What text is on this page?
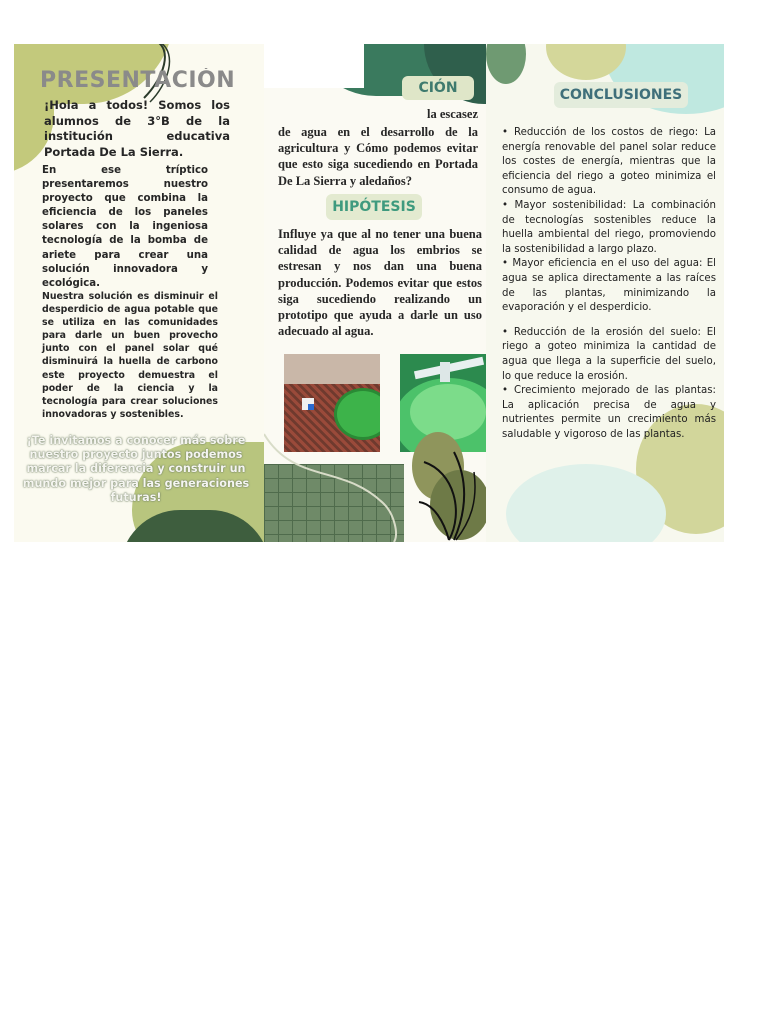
PRESENTACIÓN

¡Hola a todos! Somos los alumnos de 3°B de la institución educativa Portada De La Sierra.

En ese tríptico presentaremos nuestro proyecto que combina la eficiencia de los paneles solares con la ingeniosa tecnología de la bomba de ariete para crear una solución innovadora y ecológica.

Nuestra solución es disminuir el desperdicio de agua potable que se utiliza en las comunidades para darle un buen provecho junto con el panel solar qué disminuirá la huella de carbono este proyecto demuestra el poder de la ciencia y la tecnología para crear soluciones innovadoras y sostenibles.

¡Te invitamos a conocer más sobre nuestro proyecto juntos podemos marcar la diferencia y construir un mundo mejor para las generaciones futuras!

CIÓN
la escasez

de agua en el desarrollo de la agricultura y Cómo podemos evitar que esto siga sucediendo en Portada De La Sierra y aledaños?

HIPÓTESIS

Influye ya que al no tener una buena calidad de agua los embrios se estresan y nos dan una buena producción. Podemos evitar que estos siga sucediendo realizando un prototipo que ayuda a darle un uso adecuado al agua.

CONCLUSIONES

• Reducción de los costos de riego: La energía renovable del panel solar reduce los costes de energía, mientras que la eficiencia del riego a goteo minimiza el consumo de agua.

• Mayor sostenibilidad: La combinación de tecnologías sostenibles reduce la huella ambiental del riego, promoviendo la sostenibilidad a largo plazo.

• Mayor eficiencia en el uso del agua: El agua se aplica directamente a las raíces de las plantas, minimizando la evaporación y el desperdicio.

• Reducción de la erosión del suelo: El riego a goteo minimiza la cantidad de agua que llega a la superficie del suelo, lo que reduce la erosión.

• Crecimiento mejorado de las plantas: La aplicación precisa de agua y nutrientes permite un crecimiento más saludable y vigoroso de las plantas.
